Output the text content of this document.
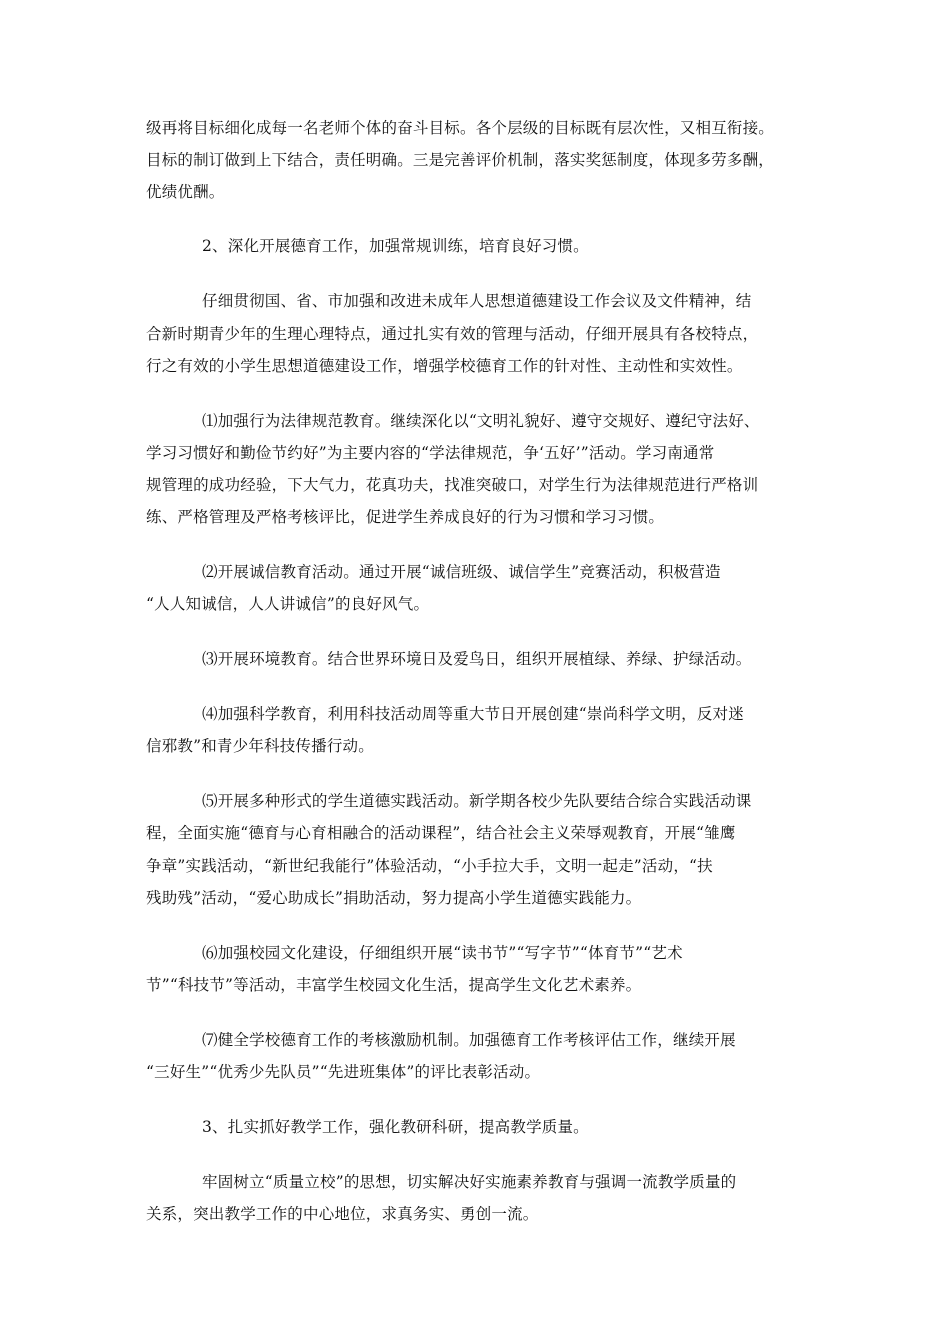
级再将目标细化成每一名老师个体的奋斗目标。各个层级的目标既有层次性，又相互衔接。
目标的制订做到上下结合，责任明确。三是完善评价机制，落实奖惩制度，体现多劳多酬，
优绩优酬。
2、深化开展德育工作，加强常规训练，培育良好习惯。
仔细贯彻国、省、市加强和改进未成年人思想道德建设工作会议及文件精神，结
合新时期青少年的生理心理特点，通过扎实有效的管理与活动，仔细开展具有各校特点，
行之有效的小学生思想道德建设工作，增强学校德育工作的针对性、主动性和实效性。
⑴加强行为法律规范教育。继续深化以“文明礼貌好、遵守交规好、遵纪守法好、
学习习惯好和勤俭节约好”为主要内容的“学法律规范，争‘五好’”活动。学习南通常
规管理的成功经验，下大气力，花真功夫，找准突破口，对学生行为法律规范进行严格训
练、严格管理及严格考核评比，促进学生养成良好的行为习惯和学习习惯。
⑵开展诚信教育活动。通过开展“诚信班级、诚信学生”竞赛活动，积极营造
“人人知诚信，人人讲诚信”的良好风气。
⑶开展环境教育。结合世界环境日及爱鸟日，组织开展植绿、养绿、护绿活动。
⑷加强科学教育，利用科技活动周等重大节日开展创建“崇尚科学文明，反对迷
信邪教”和青少年科技传播行动。
⑸开展多种形式的学生道德实践活动。新学期各校少先队要结合综合实践活动课
程，全面实施“德育与心育相融合的活动课程”，结合社会主义荣辱观教育，开展“雏鹰
争章”实践活动，“新世纪我能行”体验活动，“小手拉大手，文明一起走”活动，“扶
残助残”活动，“爱心助成长”捐助活动，努力提高小学生道德实践能力。
⑹加强校园文化建设，仔细组织开展“读书节”“写字节”“体育节”“艺术
节”“科技节”等活动，丰富学生校园文化生活，提高学生文化艺术素养。
⑺健全学校德育工作的考核激励机制。加强德育工作考核评估工作，继续开展
“三好生”“优秀少先队员”“先进班集体”的评比表彰活动。
3、扎实抓好教学工作，强化教研科研，提高教学质量。
牢固树立“质量立校”的思想，切实解决好实施素养教育与强调一流教学质量的
关系，突出教学工作的中心地位，求真务实、勇创一流。
